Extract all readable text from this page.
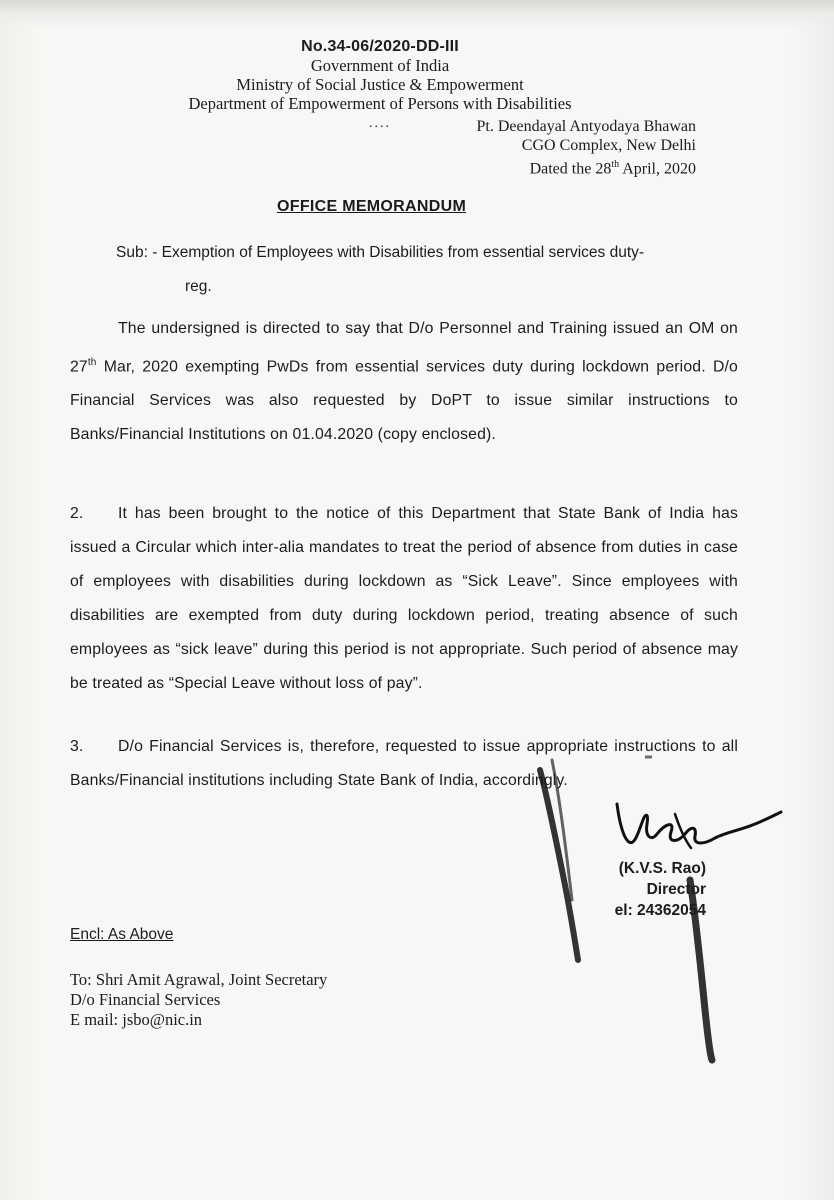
No.34-06/2020-DD-III
Government of India
Ministry of Social Justice & Empowerment
Department of Empowerment of Persons with Disabilities
....	Pt. Deendayal Antyodaya Bhawan
CGO Complex, New Delhi
Dated the 28th April, 2020
OFFICE MEMORANDUM
Sub: - Exemption of Employees with Disabilities from essential services duty-
reg.
The undersigned is directed to say that D/o Personnel and Training issued an OM on 27th Mar, 2020 exempting PwDs from essential services duty during lockdown period. D/o Financial Services was also requested by DoPT to issue similar instructions to Banks/Financial Institutions on 01.04.2020 (copy enclosed).
2. It has been brought to the notice of this Department that State Bank of India has issued a Circular which inter-alia mandates to treat the period of absence from duties in case of employees with disabilities during lockdown as “Sick Leave”. Since employees with disabilities are exempted from duty during lockdown period, treating absence of such employees as “sick leave” during this period is not appropriate. Such period of absence may be treated as “Special Leave without loss of pay”.
3. D/o Financial Services is, therefore, requested to issue appropriate instructions to all Banks/Financial institutions including State Bank of India, accordingly.
(K.V.S. Rao)
Director
el: 24362054
Encl: As Above
To: Shri Amit Agrawal, Joint Secretary
D/o Financial Services
E mail: jsbo@nic.in
